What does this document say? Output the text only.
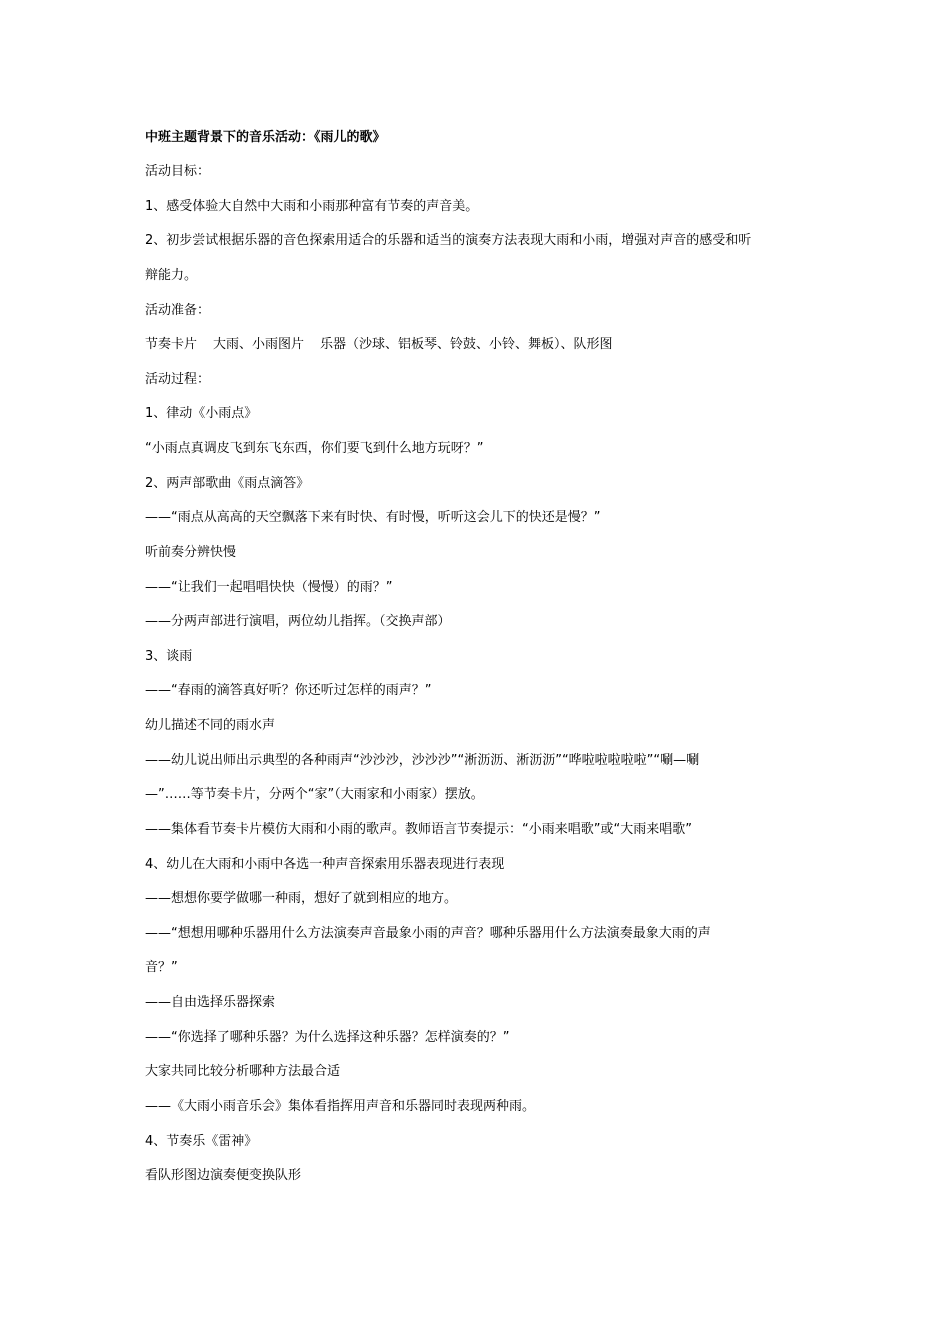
中班主题背景下的音乐活动：《雨儿的歌》
活动目标：
1、感受体验大自然中大雨和小雨那种富有节奏的声音美。
2、初步尝试根据乐器的音色探索用适合的乐器和适当的演奏方法表现大雨和小雨，增强对声音的感受和听
辩能力。
活动准备：
节奏卡片 大雨、小雨图片 乐器（沙球、铝板琴、铃鼓、小铃、舞板）、队形图
活动过程：
1、律动《小雨点》
“小雨点真调皮飞到东飞东西，你们要飞到什么地方玩呀？”
2、两声部歌曲《雨点滴答》
——“雨点从高高的天空飘落下来有时快、有时慢，听听这会儿下的快还是慢？”
听前奏分辨快慢
——“让我们一起唱唱快快（慢慢）的雨？”
——分两声部进行演唱，两位幼儿指挥。（交换声部）
3、谈雨
——“春雨的滴答真好听？你还听过怎样的雨声？”
幼儿描述不同的雨水声
——幼儿说出师出示典型的各种雨声“沙沙沙，沙沙沙”“淅沥沥、淅沥沥”“哗啦啦啦啦啦”“唰—唰
—”……等节奏卡片，分两个“家”（大雨家和小雨家）摆放。
——集体看节奏卡片模仿大雨和小雨的歌声。教师语言节奏提示：“小雨来唱歌”或“大雨来唱歌”
4、幼儿在大雨和小雨中各选一种声音探索用乐器表现进行表现
——想想你要学做哪一种雨，想好了就到相应的地方。
——“想想用哪种乐器用什么方法演奏声音最象小雨的声音？哪种乐器用什么方法演奏最象大雨的声
音？”
——自由选择乐器探索
——“你选择了哪种乐器？为什么选择这种乐器？怎样演奏的？”
大家共同比较分析哪种方法最合适
——《大雨小雨音乐会》集体看指挥用声音和乐器同时表现两种雨。
4、节奏乐《雷神》
看队形图边演奏便变换队形
